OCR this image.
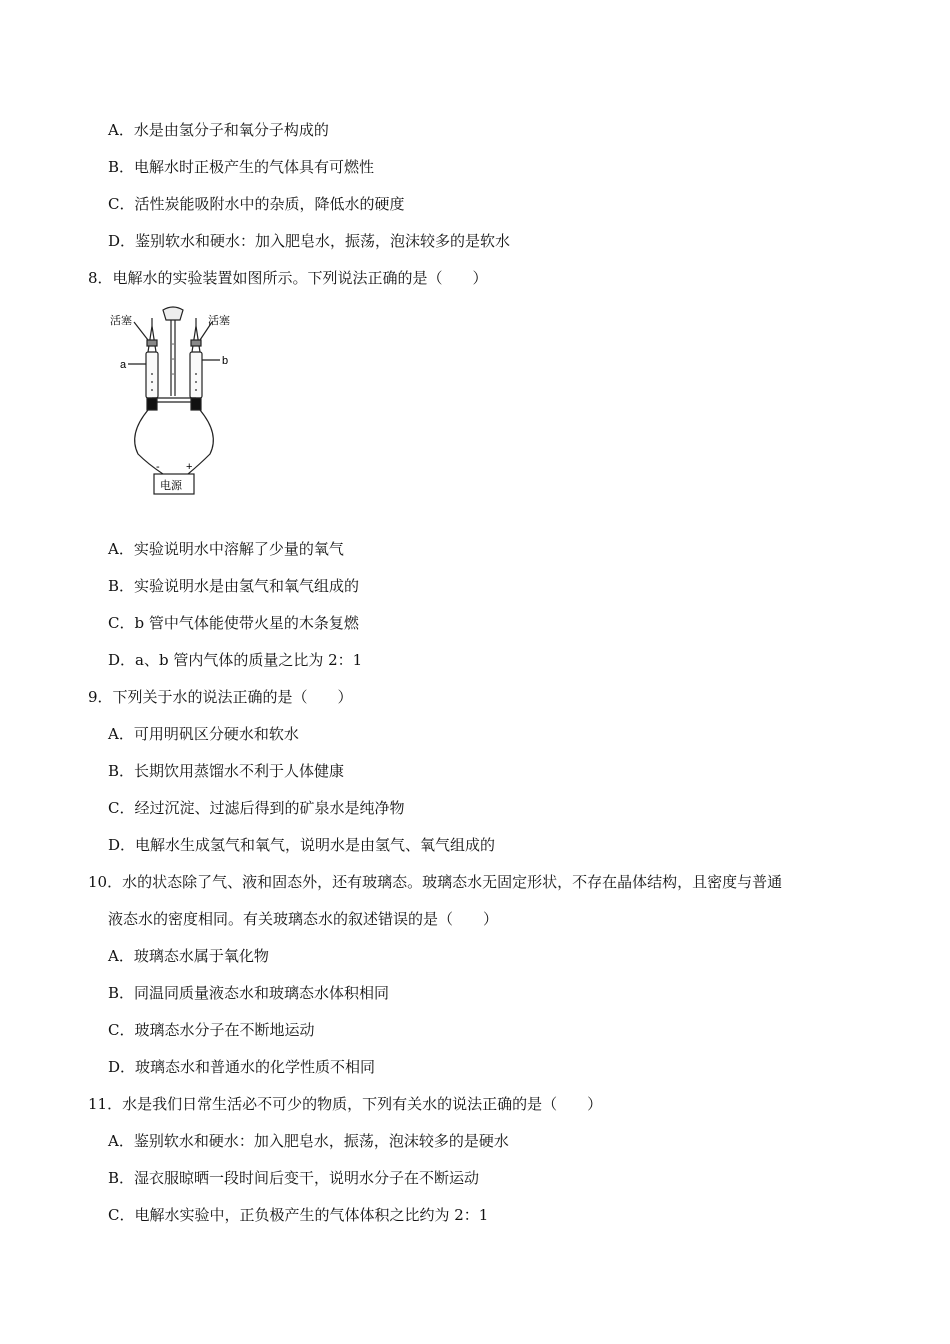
A．水是由氢分子和氧分子构成的
B．电解水时正极产生的气体具有可燃性
C．活性炭能吸附水中的杂质，降低水的硬度
D．鉴别软水和硬水：加入肥皂水，振荡，泡沫较多的是软水
8．电解水的实验装置如图所示。下列说法正确的是（　　）
活塞	活塞
a	b
- +
电源
A．实验说明水中溶解了少量的氧气
B．实验说明水是由氢气和氧气组成的
C．b 管中气体能使带火星的木条复燃
D．a、b 管内气体的质量之比为 2：1
9．下列关于水的说法正确的是（　　）
A．可用明矾区分硬水和软水
B．长期饮用蒸馏水不利于人体健康
C．经过沉淀、过滤后得到的矿泉水是纯净物
D．电解水生成氢气和氧气，说明水是由氢气、氧气组成的
10．水的状态除了气、液和固态外，还有玻璃态。玻璃态水无固定形状，不存在晶体结构，且密度与普通
液态水的密度相同。有关玻璃态水的叙述错误的是（　　）
A．玻璃态水属于氧化物
B．同温同质量液态水和玻璃态水体积相同
C．玻璃态水分子在不断地运动
D．玻璃态水和普通水的化学性质不相同
11．水是我们日常生活必不可少的物质，下列有关水的说法正确的是（　　）
A．鉴别软水和硬水：加入肥皂水，振荡，泡沫较多的是硬水
B．湿衣服晾晒一段时间后变干，说明水分子在不断运动
C．电解水实验中，正负极产生的气体体积之比约为 2：1
